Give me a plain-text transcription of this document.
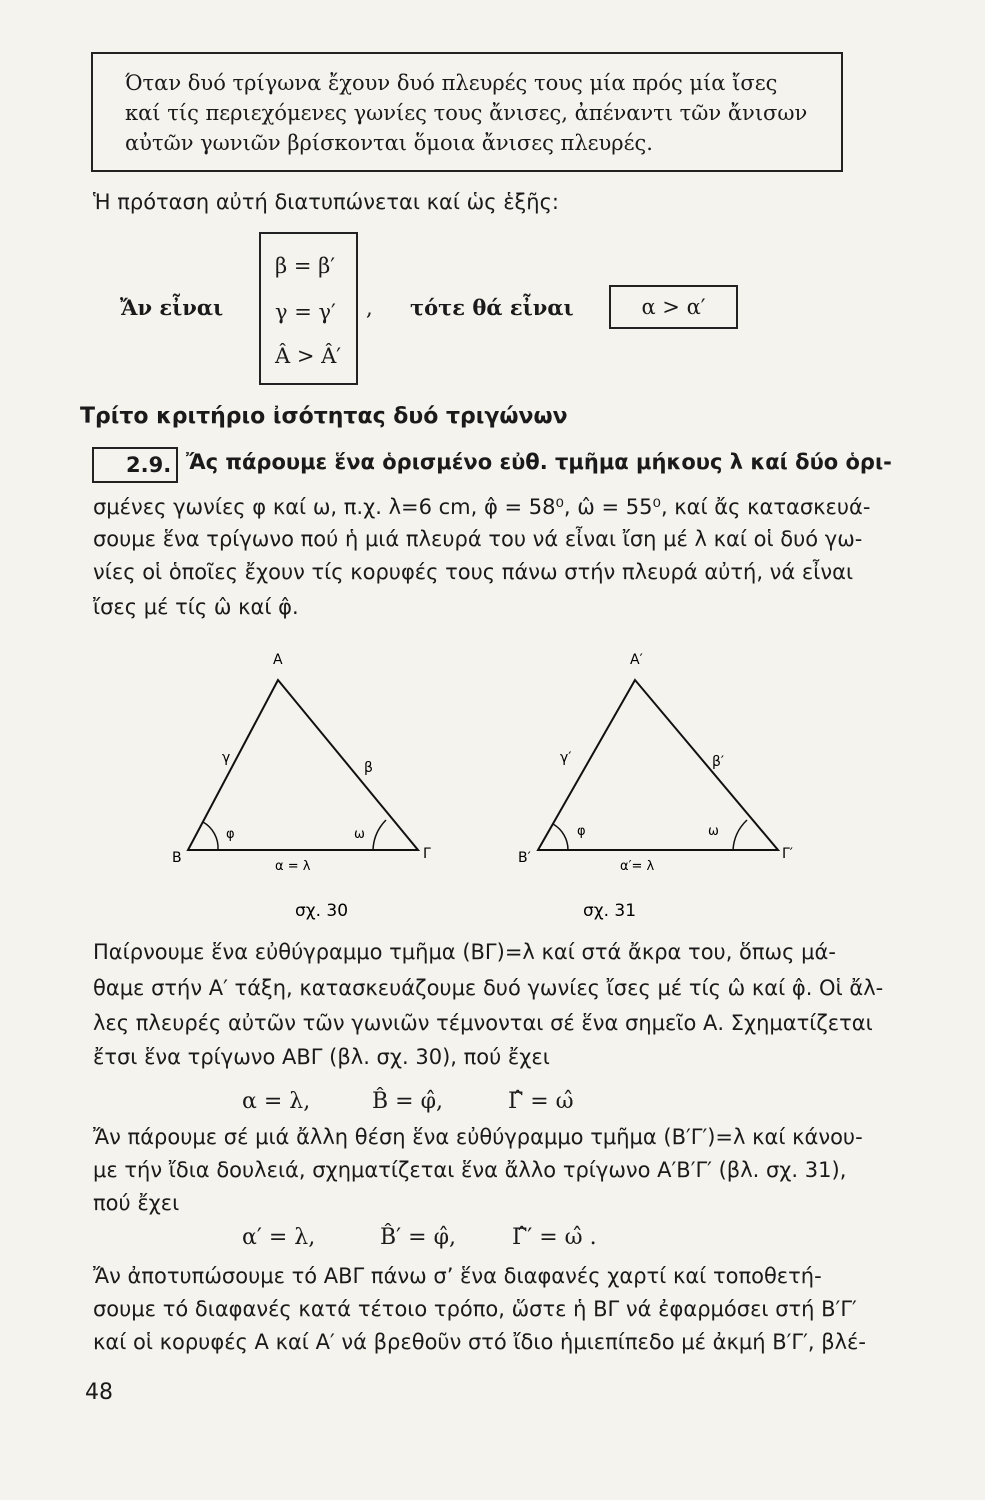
Όταν δυό τρίγωνα ἔχουν δυό πλευρές τους μία πρός μία ἴσες
καί τίς περιεχόμενες γωνίες τους ἄνισες, ἀπέναντι τῶν ἄνισων
αὐτῶν γωνιῶν βρίσκονται ὅμοια ἄνισες πλευρές.
Ἡ πρόταση αὐτή διατυπώνεται καί ὡς ἑξῆς:
Ἄν εἶναι
β = β′
γ = γ′
Â > Â′
, τότε θά εἶναι	α > α′
Τρίτο κριτήριο ἰσότητας δυό τριγώνων
2.9. Ἄς πάρουμε ἕνα ὁρισμένο εὐθ. τμῆμα μήκους λ καί δύο ὁρι-
σμένες γωνίες φ καί ω, π.χ. λ=6 cm, φ̂ = 58⁰, ω̂ = 55⁰, καί ἄς κατασκευά-
σουμε ἕνα τρίγωνο πού ἡ μιά πλευρά του νά εἶναι ἴση μέ λ καί οἱ δυό γω-
νίες οἱ ὁποῖες ἔχουν τίς κορυφές τους πάνω στήν πλευρά αὐτή, νά εἶναι
ἴσες μέ τίς ω̂ καί φ̂.
A
B	Γ
γ
β
α = λ
φ	ω
A′
B′	Γ′
γ′	β′
α′= λ
φ	ω
σχ. 30	σχ. 31
Παίρνουμε ἕνα εὐθύγραμμο τμῆμα (ΒΓ)=λ καί στά ἄκρα του, ὅπως μά-
θαμε στήν Α′ τάξη, κατασκευάζουμε δυό γωνίες ἴσες μέ τίς ω̂ καί φ̂. Οἱ ἄλ-
λες πλευρές αὐτῶν τῶν γωνιῶν τέμνονται σέ ἕνα σημεῖο Α. Σχηματίζεται
ἔτσι ἕνα τρίγωνο ΑΒΓ (βλ. σχ. 30), πού ἔχει
α = λ,	B̂ = φ̂,	Γ̂ = ω̂
Ἄν πάρουμε σέ μιά ἄλλη θέση ἕνα εὐθύγραμμο τμῆμα (Β′Γ′)=λ καί κάνου-
με τήν ἴδια δουλειά, σχηματίζεται ἕνα ἄλλο τρίγωνο Α′Β′Γ′ (βλ. σχ. 31),
πού ἔχει
α′ = λ,	B̂′ = φ̂,	Γ̂′ = ω̂ .
Ἄν ἀποτυπώσουμε τό ΑΒΓ πάνω σ’ ἕνα διαφανές χαρτί καί τοποθετή-
σουμε τό διαφανές κατά τέτοιο τρόπο, ὥστε ἡ ΒΓ νά ἐφαρμόσει στή Β′Γ′
καί οἱ κορυφές Α καί Α′ νά βρεθοῦν στό ἴδιο ἡμιεπίπεδο μέ ἀκμή Β′Γ′, βλέ-
48
